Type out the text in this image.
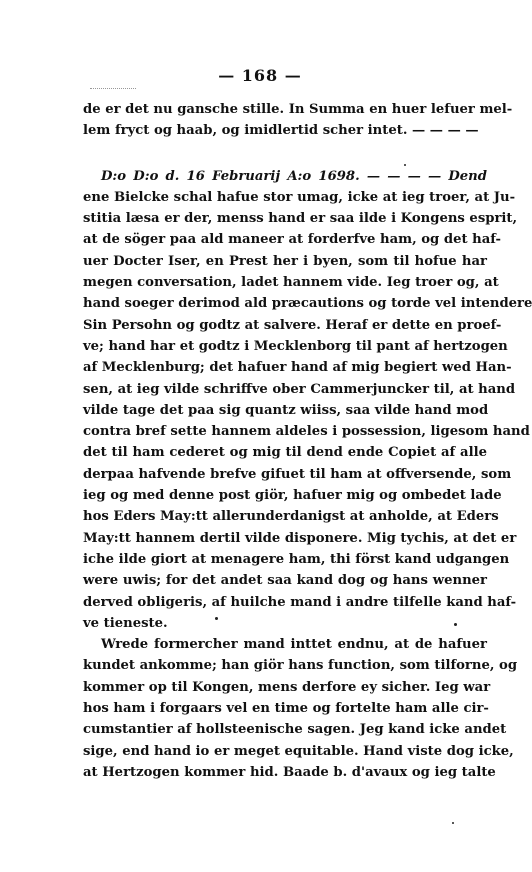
— 168 —
de er det nu gansche stille. In Summa en huer lefuer mel-
lem fryct og haab, og imidlertid scher intet. — — — —
D:o D:o d. 16 Februarij A:o 1698. — — — — Dend
ene Bielcke schal hafue stor umag, icke at ieg troer, at Ju-
stitia læsa er der, menss hand er saa ilde i Kongens esprit,
at de söger paa ald maneer at forderfve ham, og det haf-
uer Docter Iser, en Prest her i byen, som til hofue har
megen conversation, ladet hannem vide. Ieg troer og, at
hand soeger derimod ald præcautions og torde vel intendere
Sin Persohn og godtz at salvere. Heraf er dette en proef-
ve; hand har et godtz i Mecklenborg til pant af hertzogen
af Mecklenburg; det hafuer hand af mig begiert wed Han-
sen, at ieg vilde schriffve ober Cammerjuncker til, at hand
vilde tage det paa sig quantz wiiss, saa vilde hand mod
contra bref sette hannem aldeles i possession, ligesom hand
det til ham cederet og mig til dend ende Copiet af alle
derpaa hafvende brefve gifuet til ham at offversende, som
ieg og med denne post giör, hafuer mig og ombedet lade
hos Eders May:tt allerunderdanigst at anholde, at Eders
May:tt hannem dertil vilde disponere. Mig tychis, at det er
iche ilde giort at menagere ham, thi först kand udgangen
were uwis; for det andet saa kand dog og hans wenner
derved obligeris, af huilche mand i andre tilfelle kand haf-
ve tieneste.
Wrede formercher mand inttet endnu, at de hafuer
kundet ankomme; han giör hans function, som tilforne, og
kommer op til Kongen, mens derfore ey sicher. Ieg war
hos ham i forgaars vel en time og fortelte ham alle cir-
cumstantier af hollsteenische sagen. Jeg kand icke andet
sige, end hand io er meget equitable. Hand viste dog icke,
at Hertzogen kommer hid. Baade b. d'avaux og ieg talte
